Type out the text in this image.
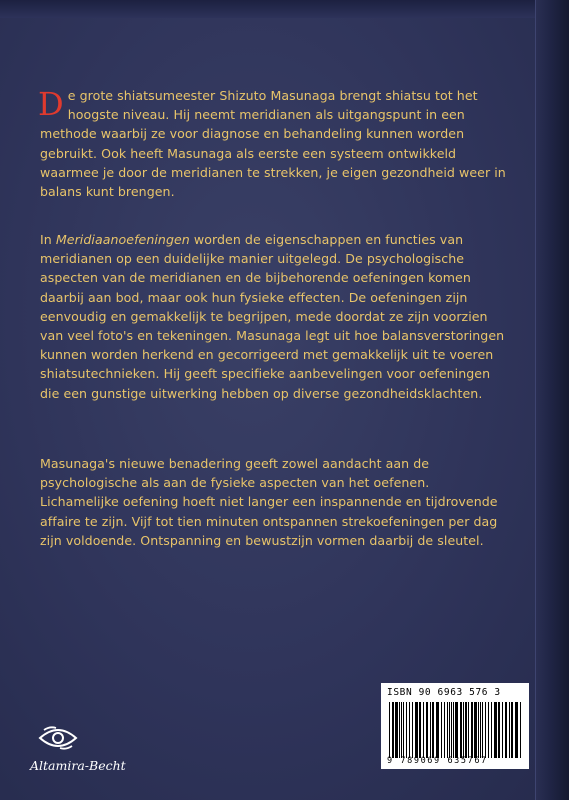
D e grote shiatsumeester Shizuto Masunaga brengt shiatsu tot het hoogste niveau. Hij neemt meridianen als uitgangspunt in een methode waarbij ze voor diagnose en behandeling kunnen worden gebruikt. Ook heeft Masunaga als eerste een systeem ontwikkeld waarmee je door de meridianen te strekken, je eigen gezondheid weer in balans kunt brengen.
In Meridiaanoefeningen worden de eigenschappen en functies van meridianen op een duidelijke manier uitgelegd. De psychologische aspecten van de meridianen en de bijbehorende oefeningen komen daarbij aan bod, maar ook hun fysieke effecten. De oefeningen zijn eenvoudig en gemakkelijk te begrijpen, mede doordat ze zijn voorzien van veel foto's en tekeningen. Masunaga legt uit hoe balansverstoringen kunnen worden herkend en gecorrigeerd met gemakkelijk uit te voeren shiatsutechnieken. Hij geeft specifieke aanbevelingen voor oefeningen die een gunstige uitwerking hebben op diverse gezondheidsklachten.
Masunaga's nieuwe benadering geeft zowel aandacht aan de psychologische als aan de fysieke aspecten van het oefenen. Lichamelijke oefening hoeft niet langer een inspannende en tijdrovende affaire te zijn. Vijf tot tien minuten ontspannen strekoefeningen per dag zijn voldoende. Ontspanning en bewustzijn vormen daarbij de sleutel.
Altamira-Becht
ISBN 90 6963 576 3
9 789069 635767
